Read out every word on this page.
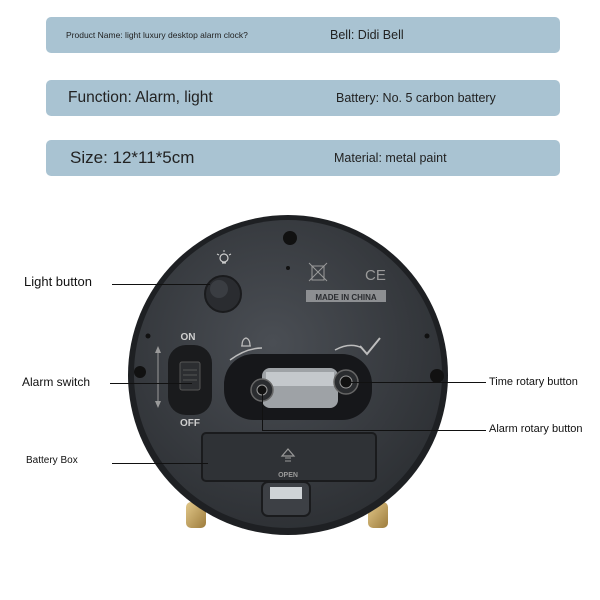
Product Name: light luxury desktop alarm clock?	Bell: Didi Bell
Function: Alarm, light	Battery: No. 5 carbon battery
Size: 12*11*5cm	Material: metal paint
CE
MADE IN CHINA
ON
OFF
OPEN
Light button
Alarm switch
Battery Box
Time rotary button
Alarm rotary button
